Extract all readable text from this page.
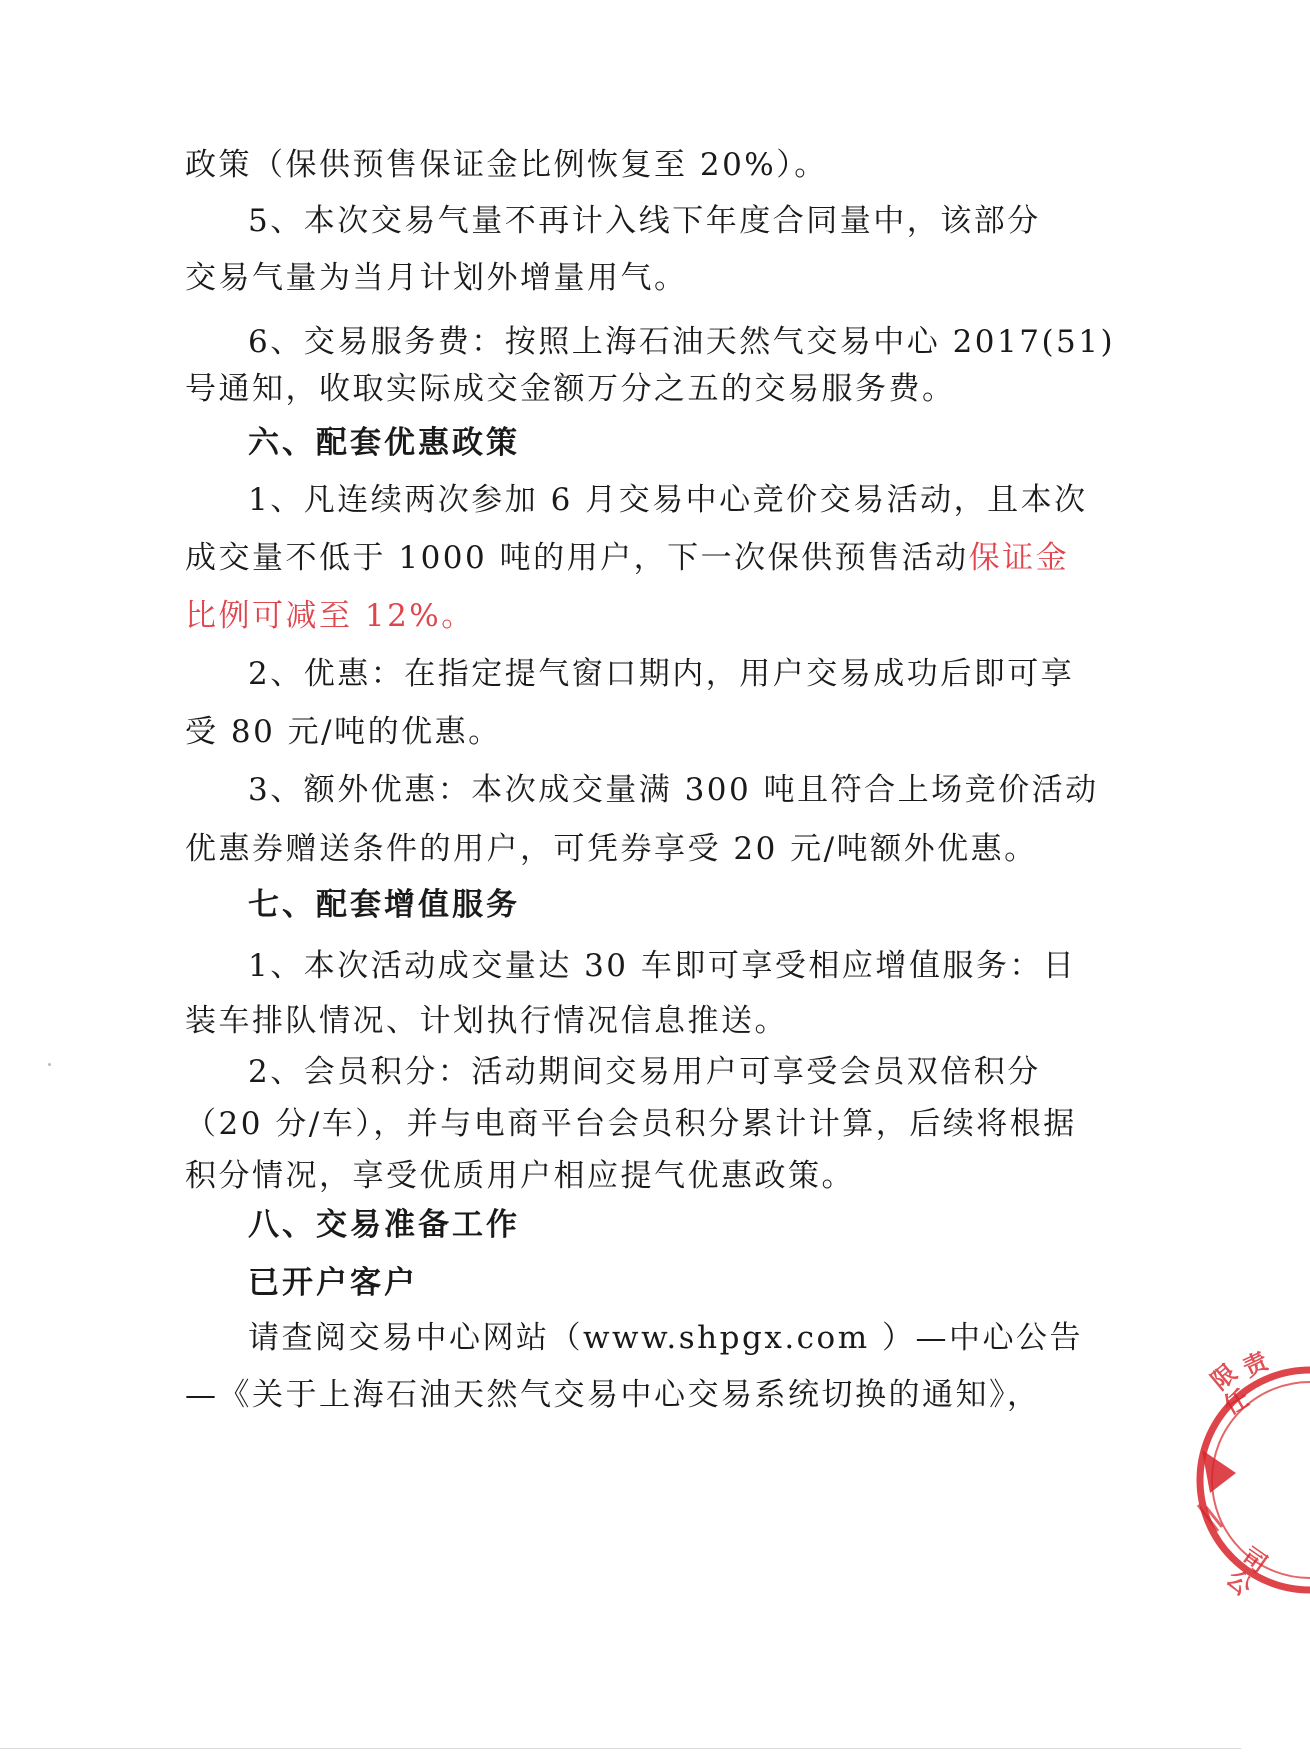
政策（保供预售保证金比例恢复至 20%）。
5、本次交易气量不再计入线下年度合同量中，该部分
交易气量为当月计划外增量用气。
6、交易服务费：按照上海石油天然气交易中心 2017(51)
号通知，收取实际成交金额万分之五的交易服务费。
六、配套优惠政策
1、凡连续两次参加 6 月交易中心竞价交易活动，且本次
成交量不低于 1000 吨的用户，下一次保供预售活动保证金
比例可减至 12%。
2、优惠：在指定提气窗口期内，用户交易成功后即可享
受 80 元/吨的优惠。
3、额外优惠：本次成交量满 300 吨且符合上场竞价活动
优惠券赠送条件的用户，可凭券享受 20 元/吨额外优惠。
七、配套增值服务
1、本次活动成交量达 30 车即可享受相应增值服务：日
装车排队情况、计划执行情况信息推送。
2、会员积分：活动期间交易用户可享受会员双倍积分
（20 分/车），并与电商平台会员积分累计计算，后续将根据
积分情况，享受优质用户相应提气优惠政策。
八、交易准备工作
已开户客户
请查阅交易中心网站（www.shpgx.com ）—中心公告
—《关于上海石油天然气交易中心交易系统切换的通知》，	限
责
任
司
公
